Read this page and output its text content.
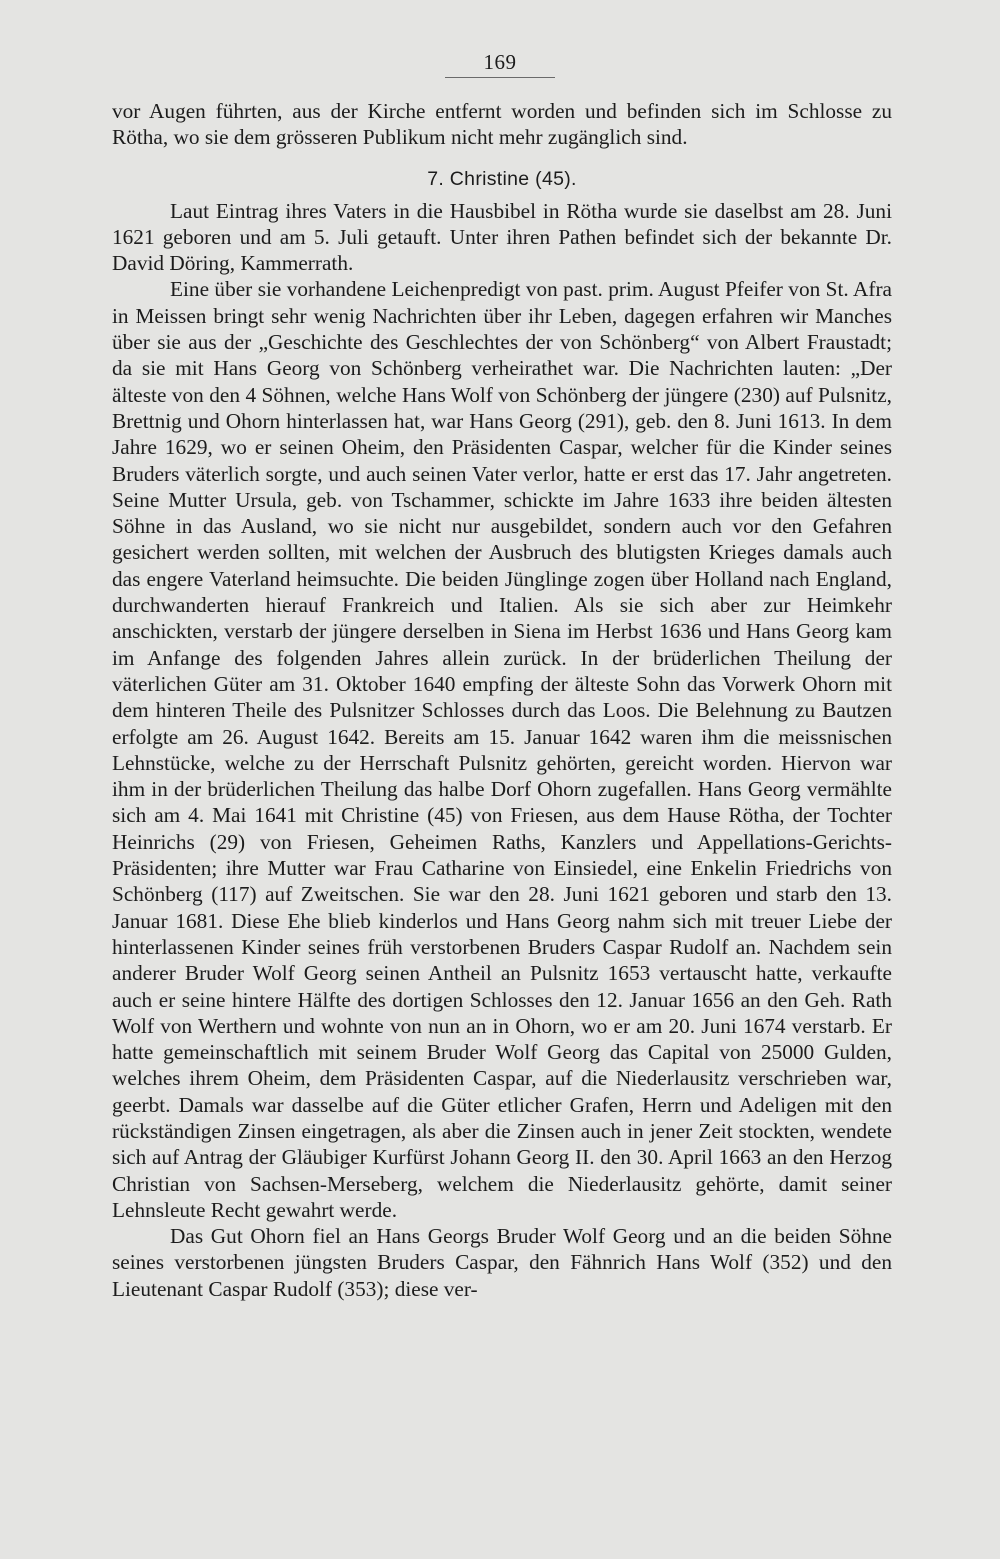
169

vor Augen führten, aus der Kirche entfernt worden und befinden sich im Schlosse zu Rötha, wo sie dem grösseren Publikum nicht mehr zugänglich sind.

7. Christine (45).

Laut Eintrag ihres Vaters in die Hausbibel in Rötha wurde sie daselbst am 28. Juni 1621 geboren und am 5. Juli getauft. Unter ihren Pathen befindet sich der bekannte Dr. David Döring, Kammerrath.

Eine über sie vorhandene Leichenpredigt von past. prim. August Pfeifer von St. Afra in Meissen bringt sehr wenig Nachrichten über ihr Leben, dagegen erfahren wir Manches über sie aus der „Geschichte des Geschlechtes der von Schönberg“ von Albert Fraustadt; da sie mit Hans Georg von Schönberg verheirathet war. Die Nachrichten lauten: „Der älteste von den 4 Söhnen, welche Hans Wolf von Schönberg der jüngere (230) auf Pulsnitz, Brettnig und Ohorn hinterlassen hat, war Hans Georg (291), geb. den 8. Juni 1613. In dem Jahre 1629, wo er seinen Oheim, den Präsidenten Caspar, welcher für die Kinder seines Bruders väterlich sorgte, und auch seinen Vater verlor, hatte er erst das 17. Jahr angetreten. Seine Mutter Ursula, geb. von Tschammer, schickte im Jahre 1633 ihre beiden ältesten Söhne in das Ausland, wo sie nicht nur ausgebildet, sondern auch vor den Gefahren gesichert werden sollten, mit welchen der Ausbruch des blutigsten Krieges damals auch das engere Vaterland heimsuchte. Die beiden Jünglinge zogen über Holland nach England, durchwanderten hierauf Frankreich und Italien. Als sie sich aber zur Heimkehr anschickten, verstarb der jüngere derselben in Siena im Herbst 1636 und Hans Georg kam im Anfange des folgenden Jahres allein zurück. In der brüderlichen Theilung der väterlichen Güter am 31. Oktober 1640 empfing der älteste Sohn das Vorwerk Ohorn mit dem hinteren Theile des Pulsnitzer Schlosses durch das Loos. Die Belehnung zu Bautzen erfolgte am 26. August 1642. Bereits am 15. Januar 1642 waren ihm die meissnischen Lehnstücke, welche zu der Herrschaft Pulsnitz gehörten, gereicht worden. Hiervon war ihm in der brüderlichen Theilung das halbe Dorf Ohorn zugefallen. Hans Georg vermählte sich am 4. Mai 1641 mit Christine (45) von Friesen, aus dem Hause Rötha, der Tochter Heinrichs (29) von Friesen, Geheimen Raths, Kanzlers und Appellations-Gerichts-Präsidenten; ihre Mutter war Frau Catharine von Einsiedel, eine Enkelin Friedrichs von Schönberg (117) auf Zweitschen. Sie war den 28. Juni 1621 geboren und starb den 13. Januar 1681. Diese Ehe blieb kinderlos und Hans Georg nahm sich mit treuer Liebe der hinterlassenen Kinder seines früh verstorbenen Bruders Caspar Rudolf an. Nachdem sein anderer Bruder Wolf Georg seinen Antheil an Pulsnitz 1653 vertauscht hatte, verkaufte auch er seine hintere Hälfte des dortigen Schlosses den 12. Januar 1656 an den Geh. Rath Wolf von Werthern und wohnte von nun an in Ohorn, wo er am 20. Juni 1674 verstarb. Er hatte gemeinschaftlich mit seinem Bruder Wolf Georg das Capital von 25000 Gulden, welches ihrem Oheim, dem Präsidenten Caspar, auf die Niederlausitz verschrieben war, geerbt. Damals war dasselbe auf die Güter etlicher Grafen, Herrn und Adeligen mit den rückständigen Zinsen eingetragen, als aber die Zinsen auch in jener Zeit stockten, wendete sich auf Antrag der Gläubiger Kurfürst Johann Georg II. den 30. April 1663 an den Herzog Christian von Sachsen-Merseberg, welchem die Niederlausitz gehörte, damit seiner Lehnsleute Recht gewahrt werde.

Das Gut Ohorn fiel an Hans Georgs Bruder Wolf Georg und an die beiden Söhne seines verstorbenen jüngsten Bruders Caspar, den Fähnrich Hans Wolf (352) und den Lieutenant Caspar Rudolf (353); diese ver-
